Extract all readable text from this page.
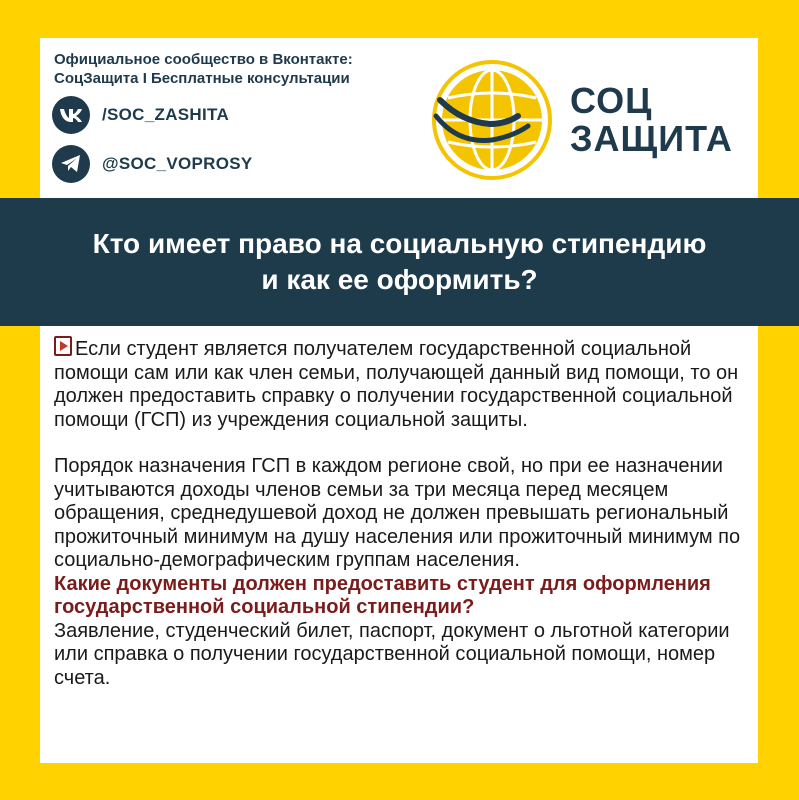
Официальное сообщество в Вконтакте:
СоцЗащита I Бесплатные консультации
/SOC_ZASHITA
@SOC_VOPROSY
СОЦ
ЗАЩИТА
Кто имеет право на социальную стипендию
и как ее оформить?

Если студент является получателем государственной социальной помощи сам или как член семьи, получающей данный вид помощи, то он должен предоставить справку о получении государственной социальной помощи (ГСП) из учреждения социальной защиты.

Порядок назначения ГСП в каждом регионе свой, но при ее назначении учитываются доходы членов семьи за три месяца перед месяцем обращения, среднедушевой доход не должен превышать региональный прожиточный минимум на душу населения или прожиточный минимум по социально-демографическим группам населения.

Какие документы должен предоставить студент для оформления государственной социальной стипендии?

Заявление, студенческий билет, паспорт, документ о льготной категории или справка о получении государственной социальной помощи, номер счета.
